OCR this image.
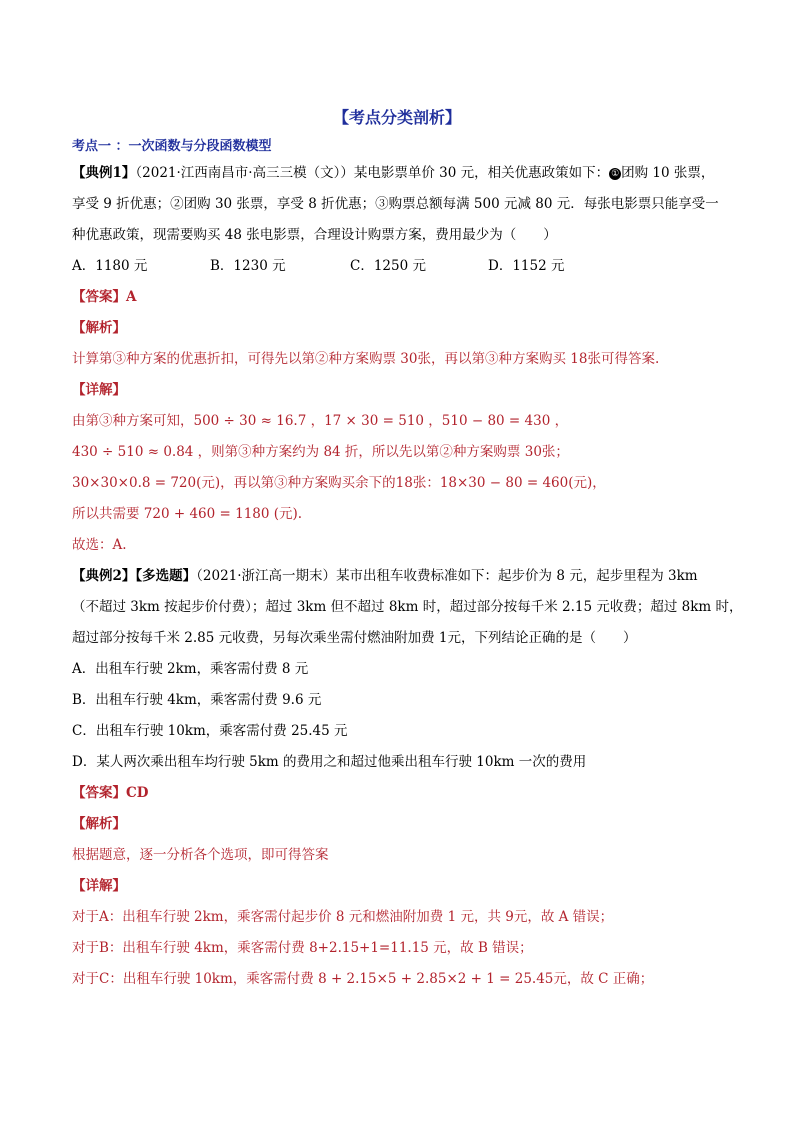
【考点分类剖析】
考点一 ：一次函数与分段函数模型
【典例1】（2021·江西南昌市·高三三模（文））某电影票单价 30 元，相关优惠政策如下： ① 团购 10 张票，
享受 9 折优惠；②团购 30 张票，享受 8 折优惠；③购票总额每满 500 元减 80 元．每张电影票只能享受一
种优惠政策，现需要购买 48 张电影票，合理设计购票方案，费用最少为（　　）
A．1180 元	B．1230 元	C．1250 元	D．1152 元
【答案】A
【解析】
计算第③种方案的优惠折扣，可得先以第②种方案购票 30张，再以第③种方案购买 18张可得答案.
【详解】
由第③种方案可知，500 ÷ 30 ≈ 16.7 ，17 × 30 = 510 ，510 − 80 = 430 ，
430 ÷ 510 ≈ 0.84 ，则第③种方案约为 84 折，所以先以第②种方案购票 30张；
30×30×0.8 = 720(元)，再以第③种方案购买余下的18张：18×30 − 80 = 460(元)，
所以共需要 720 + 460 = 1180 (元).
故选：A.
【典例2】【多选题】（2021·浙江高一期末）某市出租车收费标准如下：起步价为 8 元，起步里程为 3km
（不超过 3km 按起步价付费）；超过 3km 但不超过 8km 时，超过部分按每千米 2.15 元收费；超过 8km 时，
超过部分按每千米 2.85 元收费，另每次乘坐需付燃油附加费 1元，下列结论正确的是（　　）
A．出租车行驶 2km，乘客需付费 8 元
B．出租车行驶 4km，乘客需付费 9.6 元
C．出租车行驶 10km，乘客需付费 25.45 元
D．某人两次乘出租车均行驶 5km 的费用之和超过他乘出租车行驶 10km 一次的费用
【答案】CD
【解析】
根据题意，逐一分析各个选项，即可得答案
【详解】
对于A：出租车行驶 2km，乘客需付起步价 8 元和燃油附加费 1 元，共 9元，故 A 错误；
对于B：出租车行驶 4km，乘客需付费 8+2.15+1=11.15 元，故 B 错误；
对于C：出租车行驶 10km，乘客需付费 8 + 2.15×5 + 2.85×2 + 1 = 25.45元，故 C 正确；
